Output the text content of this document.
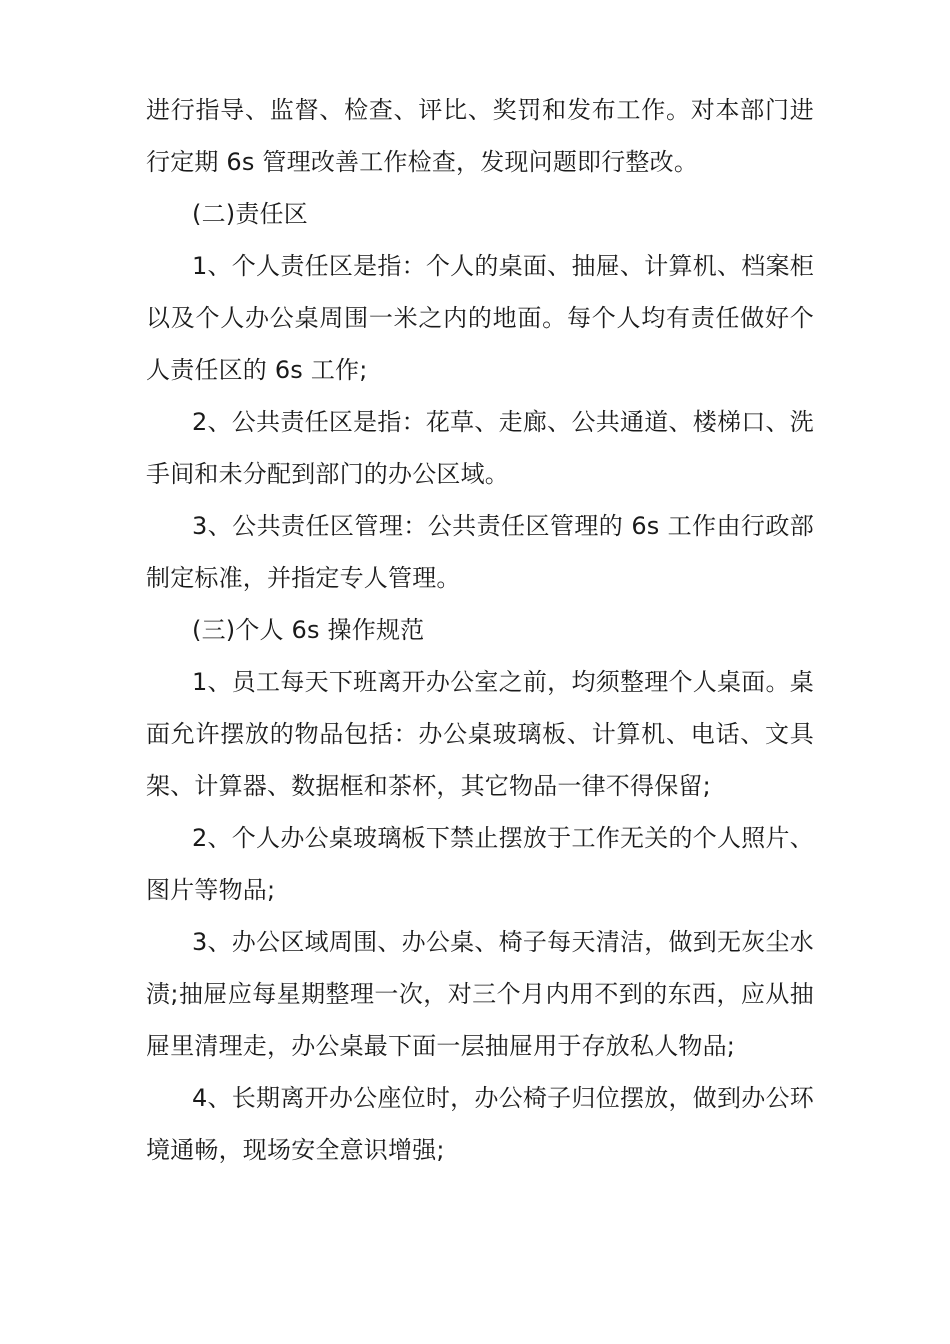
进行指导、监督、检查、评比、奖罚和发布工作。对本部门进行定期 6s 管理改善工作检查，发现问题即行整改。

(二)责任区

1、个人责任区是指：个人的桌面、抽屉、计算机、档案柜以及个人办公桌周围一米之内的地面。每个人均有责任做好个人责任区的 6s 工作;

2、公共责任区是指：花草、走廊、公共通道、楼梯口、洗手间和未分配到部门的办公区域。

3、公共责任区管理：公共责任区管理的 6s 工作由行政部制定标准，并指定专人管理。

(三)个人 6s 操作规范

1、员工每天下班离开办公室之前，均须整理个人桌面。桌面允许摆放的物品包括：办公桌玻璃板、计算机、电话、文具架、计算器、数据框和茶杯，其它物品一律不得保留;

2、个人办公桌玻璃板下禁止摆放于工作无关的个人照片、图片等物品;

3、办公区域周围、办公桌、椅子每天清洁，做到无灰尘水渍;抽屉应每星期整理一次，对三个月内用不到的东西，应从抽屉里清理走，办公桌最下面一层抽屉用于存放私人物品;

4、长期离开办公座位时，办公椅子归位摆放，做到办公环境通畅，现场安全意识增强;
